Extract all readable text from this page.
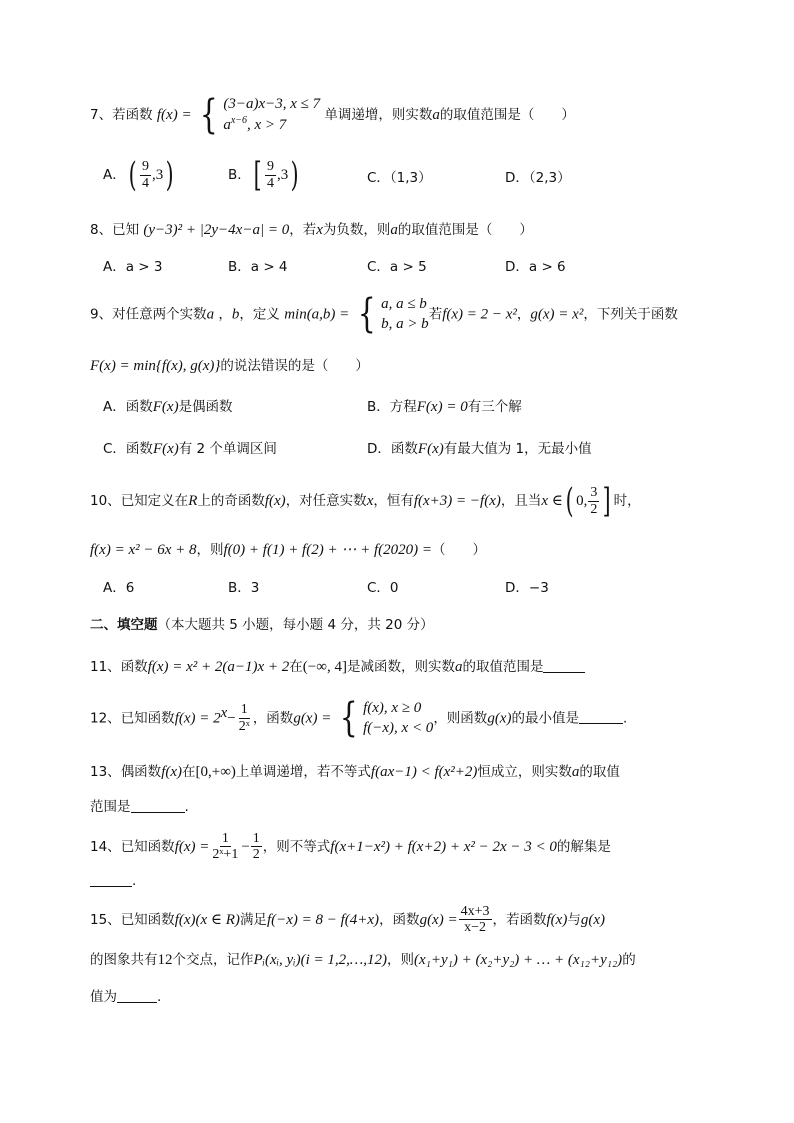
7、若函数 f(x) = { (3−a)x−3, x ≤ 7
$a^{x-6}$, x > 7
单调递增，则实数a的取值范围是（　　）
A．( $\frac{9}{4} ,3$)	B．[ $\frac{9}{4} ,3$)	C．（1,3）	D．（2,3）
8、已知 (y−3)² + |2y−4x−a| = 0，若x为负数，则a的取值范围是（　　）
A．a > 3	B．a > 4	C．a > 5	D．a > 6
9、对任意两个实数a ，b，定义 min(a,b) = { a, a ≤ b
b, a > b
若f(x) = 2 − x²，g(x) = x²，下列关于函数
F(x) = min{f(x), g(x)}的说法错误的是（　　）
A．函数F(x)是偶函数	B．方程F(x) = 0有三个解
C．函数F(x)有 2 个单调区间	D．函数F(x)有最大值为 1，无最小值
10、已知定义在R上的奇函数f(x)，对任意实数x，恒有f(x+3) = −f(x)，且当x ∈( 0, $\frac{3}{2}$ ] 时，
f(x) = x² − 6x + 8，则f(0) + f(1) + f(2) + ⋯ + f(2020) =（　　）
A．6	B．3	C．0	D．−3
二、填空题（本大题共 5 小题，每小题 4 分，共 20 分）
11、函数f(x) = x² + 2(a−1)x + 2在(−∞, 4]是减函数，则实数a的取值范围是
12、已知函数$f(x) = 2^x- \frac{1}{\text{2ˣ}}$ ，函数g(x) = { f(x), x ≥ 0
f(−x), x < 0
，则函数g(x)的最小值是	.
13、偶函数f(x)在[0,+∞)上单调递增，若不等式f(ax−1) < f(x²+2)恒成立，则实数a的取值
范围是	.
14、已知函数$f(x) = \frac{1}{\text{2ˣ+1}} - \frac{1}{2}$ ，则不等式f(x+1−x²) + f(x+2) + x² − 2x − 3 < 0的解集是
.
15、已知函数f(x)(x ∈ R)满足f(−x) = 8 − f(4+x)，函数$g(x) = \frac{4x+3}{x-2}$ ，若函数f(x)与g(x)
的图象共有12个交点，记作Pᵢ(xᵢ, yᵢ)(i = 1,2,…,12)，则(x₁+y₁) + (x₂+y₂) + … + (x₁₂+y₁₂)的
值为	.
